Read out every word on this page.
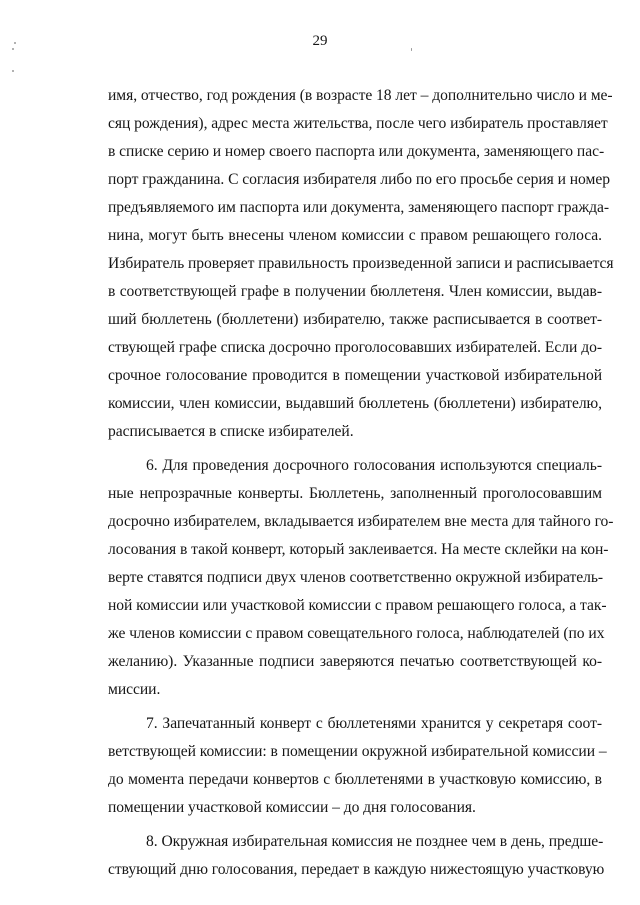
29
имя, отчество, год рождения (в возрасте 18 лет – дополнительно число и ме-
сяц рождения), адрес места жительства, после чего избиратель проставляет
в списке серию и номер своего паспорта или документа, заменяющего пас-
порт гражданина. С согласия избирателя либо по его просьбе серия и номер
предъявляемого им паспорта или документа, заменяющего паспорт гражда-
нина, могут быть внесены членом комиссии с правом решающего голоса.
Избиратель проверяет правильность произведенной записи и расписывается
в соответствующей графе в получении бюллетеня. Член комиссии, выдав-
ший бюллетень (бюллетени) избирателю, также расписывается в соответ-
ствующей графе списка досрочно проголосовавших избирателей. Если до-
срочное голосование проводится в помещении участковой избирательной
комиссии, член комиссии, выдавший бюллетень (бюллетени) избирателю,
расписывается в списке избирателей.
6. Для проведения досрочного голосования используются специаль-
ные непрозрачные конверты. Бюллетень, заполненный проголосовавшим
досрочно избирателем, вкладывается избирателем вне места для тайного го-
лосования в такой конверт, который заклеивается. На месте склейки на кон-
верте ставятся подписи двух членов соответственно окружной избиратель-
ной комиссии или участковой комиссии с правом решающего голоса, а так-
же членов комиссии с правом совещательного голоса, наблюдателей (по их
желанию). Указанные подписи заверяются печатью соответствующей ко-
миссии.
7. Запечатанный конверт с бюллетенями хранится у секретаря соот-
ветствующей комиссии: в помещении окружной избирательной комиссии –
до момента передачи конвертов с бюллетенями в участковую комиссию, в
помещении участковой комиссии – до дня голосования.
8. Окружная избирательная комиссия не позднее чем в день, предше-
ствующий дню голосования, передает в каждую нижестоящую участковую
